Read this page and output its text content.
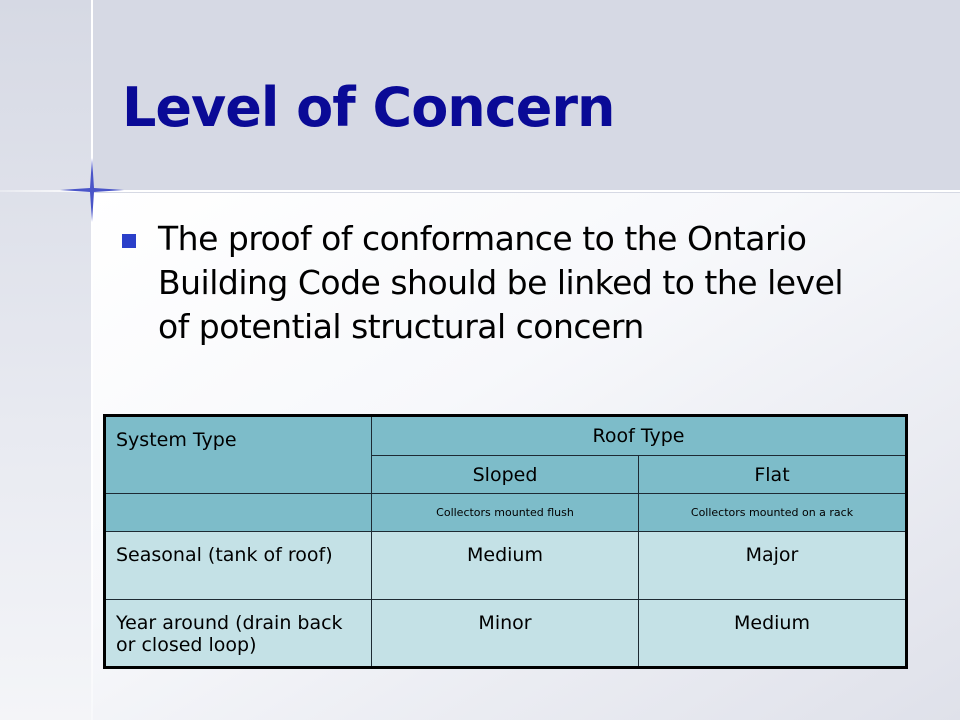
Level of Concern
The proof of conformance to the Ontario Building Code should be linked to the level of potential structural concern
System Type	Roof Type	
	Sloped	Flat
	Collectors mounted flush	Collectors mounted on a rack
Seasonal (tank of roof)	Medium	Major
Year around (drain back or closed loop)	Minor	Medium
